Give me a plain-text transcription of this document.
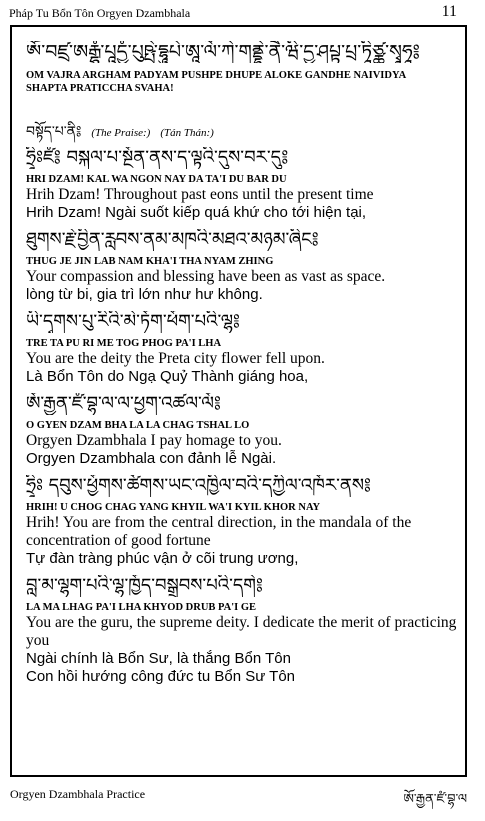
Pháp Tu Bổn Tôn Orgyen Dzambhala	11
ཨོཾ་བཛྲ་ཨརྒྷཾ་པཱདྱཾ་པུཥྤེ་དྷཱུཔེ་ཨཱ་ལོ་ཀེ་གནྡྷེ་ནཻ་ཝི་དྱ་ཤཔྟ་པྲ་ཏཱིཙྪ་སྭཱཧཱ༔
OM VAJRA ARGHAM PADYAM PUSHPE DHUPE ALOKE GANDHE NAIVIDYA
SHAPTA PRATICCHA SVAHA!
བསྟོད་པ་ནི༔ (The Praise:) (Tán Thán:)
ཧྲཱིཿཛཾ༔ བསྐལ་པ་སྔོན་ནས་ད་ལྟའི་དུས་བར་དུ༔
HRI DZAM! KAL WA NGON NAY DA TA'I DU BAR DU
Hrih Dzam! Throughout past eons until the present time
Hrih Dzam! Ngài suốt kiếp quá khứ cho tới hiện tại,
ཐུགས་རྗེ་བྱིན་རླབས་ནམ་མཁའི་མཐའ་མཉམ་ཞིང༔
THUG JE JIN LAB NAM KHA'I THA NYAM ZHING
Your compassion and blessing have been as vast as space.
lòng từ bi, gia trì lớn như hư không.
ཡི་དྭགས་པུ་རིའི་མེ་ཏོག་ཕོག་པའི་ལྷ༔
TRE TA PU RI ME TOG PHOG PA'I LHA
You are the deity the Preta city flower fell upon.
Là Bổn Tôn do Ngạ Quỷ Thành giáng hoa,
ཨོ་རྒྱན་ཛཾ་བྷ་ལ་ལ་ཕྱག་འཚལ་ལོ༔
O GYEN DZAM BHA LA LA CHAG TSHAL LO
Orgyen Dzambhala I pay homage to you.
Orgyen Dzambhala con đảnh lễ Ngài.
ཧྲཱིཿ དབུས་ཕྱོགས་ཚོགས་ཡང་འཁྱིལ་བའི་དཀྱིལ་འཁོར་ནས༔
HRIH! U CHOG CHAG YANG KHYIL WA'I KYIL KHOR NAY
Hrih! You are from the central direction, in the mandala of the concentration of good fortune
Tự đàn tràng phúc vận ở cõi trung ương,
བླ་མ་ལྷག་པའི་ལྷ་ཁྱོད་བསྒྲུབས་པའི་དགེ༔
LA MA LHAG PA'I LHA KHYOD DRUB PA'I GE
You are the guru, the supreme deity. I dedicate the merit of practicing you
Ngài chính là Bổn Sư, là thắng Bổn Tôn
Con hồi hướng công đức tu Bổn Sư Tôn
Orgyen Dzambhala Practice	ཨོ་རྒྱན་ཛཾ་བྷ་ལ
